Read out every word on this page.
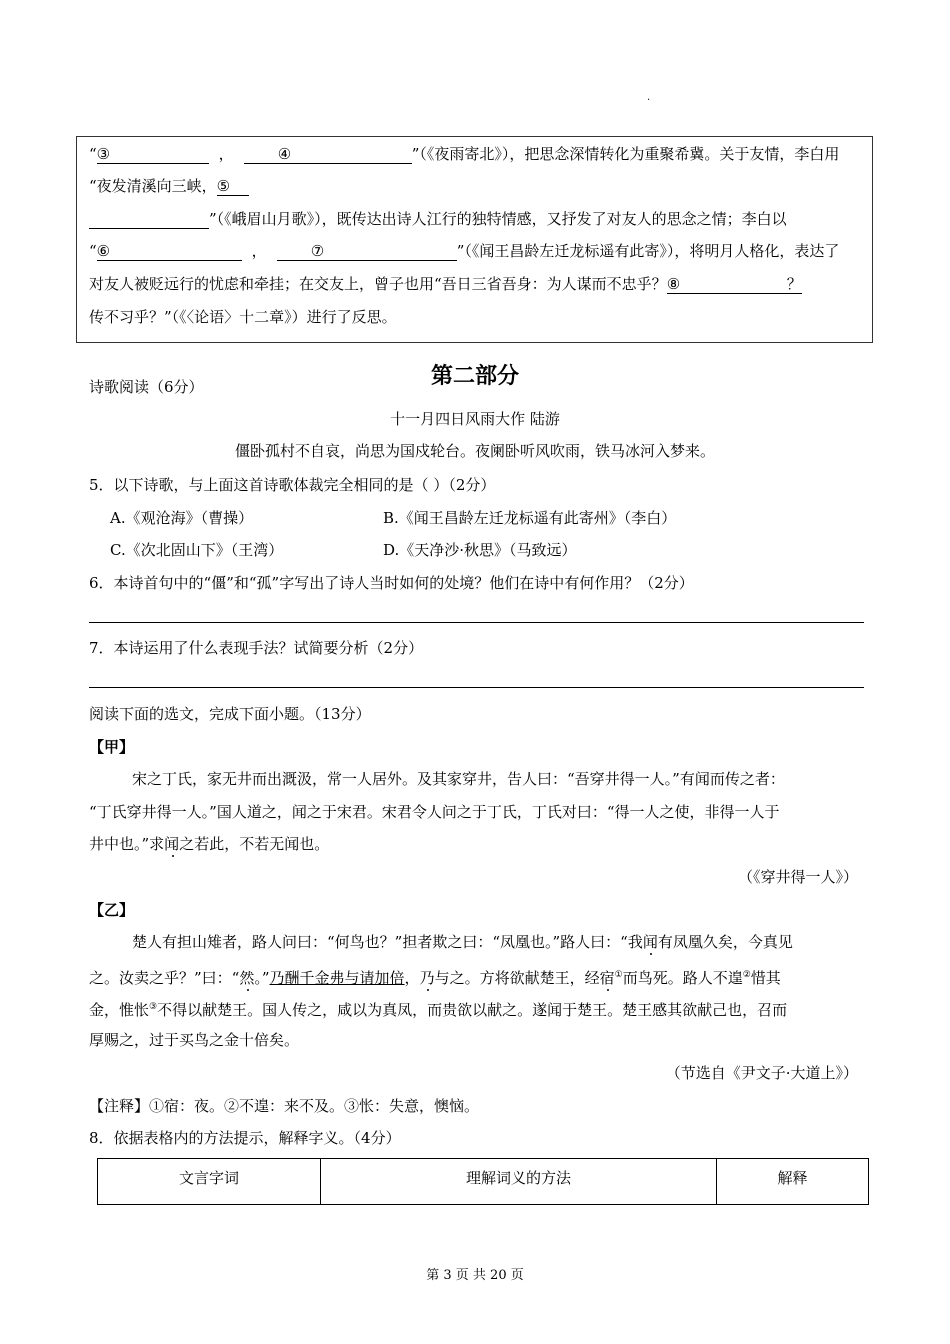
.
“③	，	④	”（《夜雨寄北》），把思念深情转化为重聚希冀。关于友情，李白用
“夜发清溪向三峡，⑤
”（《峨眉山月歌》），既传达出诗人江行的独特情感，又抒发了对友人的思念之情；李白以
“⑥	，	⑦	”（《闻王昌龄左迁龙标遥有此寄》），将明月人格化，表达了
对友人被贬远行的忧虑和牵挂；在交友上，曾子也用“吾日三省吾身：为人谋而不忠乎？⑧	？
传不习乎？”（《〈论语〉十二章》）进行了反思。
第二部分
诗歌阅读（6分）
十一月四日风雨大作 陆游
僵卧孤村不自哀，尚思为国戍轮台。夜阑卧听风吹雨，铁马冰河入梦来。
5．以下诗歌，与上面这首诗歌体裁完全相同的是（ ）（2分）
A.《观沧海》（曹操）	B.《闻王昌龄左迁龙标遥有此寄州》（李白）
C.《次北固山下》（王湾）	D.《天净沙·秋思》（马致远）
6．本诗首句中的“僵”和“孤”字写出了诗人当时如何的处境？他们在诗中有何作用？（2分）
7．本诗运用了什么表现手法？试简要分析（2分）
阅读下面的选文，完成下面小题。（13分）
【甲】
宋之丁氏，家无井而出溉汲，常一人居外。及其家穿井，告人曰：“吾穿井得一人。”有闻而传之者：
“丁氏穿井得一人。”国人道之，闻之于宋君。宋君令人问之于丁氏，丁氏对曰：“得一人之使，非得一人于
井中也。”求闻之若此，不若无闻也。
（《穿井得一人》）
【乙】
楚人有担山雉者，路人问曰：“何鸟也？”担者欺之曰：“凤凰也。”路人曰：“我闻有凤凰久矣，今真见
之。汝卖之乎？”曰：“然。”乃酬千金弗与请加倍，乃与之。方将欲献楚王，经宿①而鸟死。路人不遑②惜其
金，惟怅③不得以献楚王。国人传之，咸以为真凤，而贵欲以献之。遂闻于楚王。楚王感其欲献己也，召而
厚赐之，过于买鸟之金十倍矣。
（节选自《尹文子·大道上》）
【注释】①宿：夜。②不遑：来不及。③怅：失意，懊恼。
8．依据表格内的方法提示，解释字义。（4分）
文言字词	理解词义的方法	解释
第 3 页 共 20 页
